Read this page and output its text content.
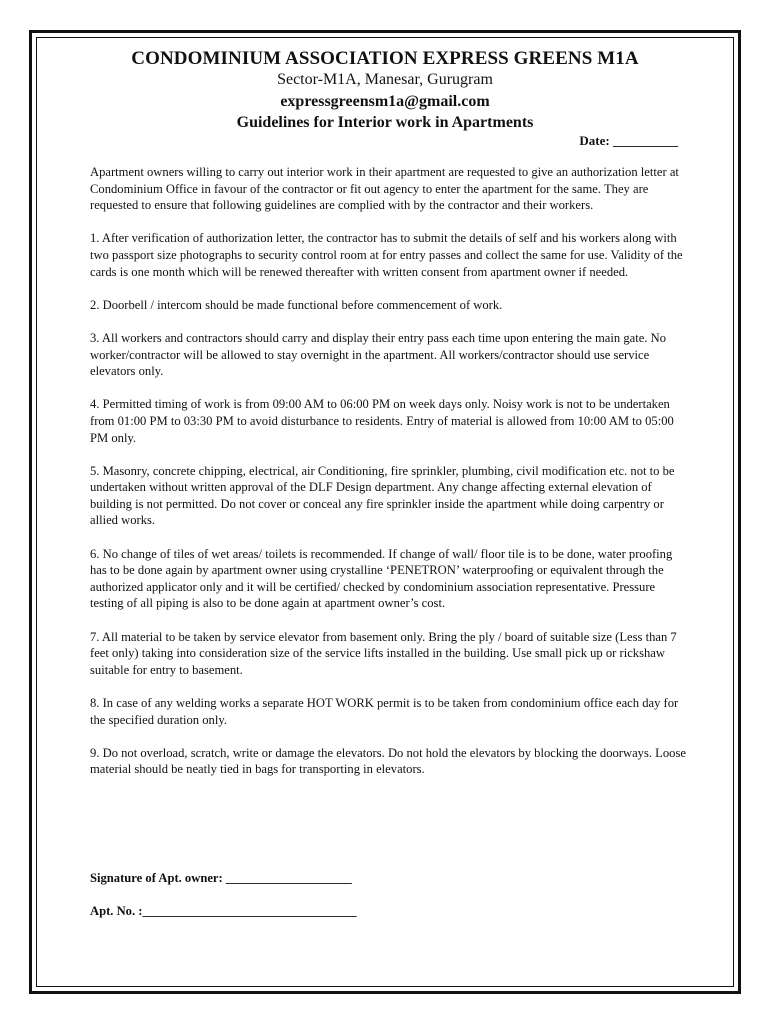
CONDOMINIUM ASSOCIATION EXPRESS GREENS M1A
Sector-M1A, Manesar, Gurugram
expressgreensm1a@gmail.com
Guidelines for Interior work in Apartments
Date: __________

Apartment owners willing to carry out interior work in their apartment are requested to give an authorization letter at Condominium Office in favour of the contractor or fit out agency to enter the apartment for the same. They are requested to ensure that following guidelines are complied with by the contractor and their workers.

1. After verification of authorization letter, the contractor has to submit the details of self and his workers along with two passport size photographs to security control room at for entry passes and collect the same for use. Validity of the cards is one month which will be renewed thereafter with written consent from apartment owner if needed.

2. Doorbell / intercom should be made functional before commencement of work.

3. All workers and contractors should carry and display their entry pass each time upon entering the main gate. No worker/contractor will be allowed to stay overnight in the apartment. All workers/contractor should use service elevators only.

4. Permitted timing of work is from 09:00 AM to 06:00 PM on week days only. Noisy work is not to be undertaken from 01:00 PM to 03:30 PM to avoid disturbance to residents. Entry of material is allowed from 10:00 AM to 05:00 PM only.

5. Masonry, concrete chipping, electrical, air Conditioning, fire sprinkler, plumbing, civil modification etc. not to be undertaken without written approval of the DLF Design department. Any change affecting external elevation of building is not permitted. Do not cover or conceal any fire sprinkler inside the apartment while doing carpentry or allied works.

6. No change of tiles of wet areas/ toilets is recommended. If change of wall/ floor tile is to be done, water proofing has to be done again by apartment owner using crystalline ‘PENETRON’ waterproofing or equivalent through the authorized applicator only and it will be certified/ checked by condominium association representative. Pressure testing of all piping is also to be done again at apartment owner’s cost.

7. All material to be taken by service elevator from basement only. Bring the ply / board of suitable size (Less than 7 feet only) taking into consideration size of the service lifts installed in the building. Use small pick up or rickshaw suitable for entry to basement.

8. In case of any welding works a separate HOT WORK permit is to be taken from condominium office each day for the specified duration only.

9. Do not overload, scratch, write or damage the elevators. Do not hold the elevators by blocking the doorways. Loose material should be neatly tied in bags for transporting in elevators.

Signature of Apt. owner: ____________________
Apt. No. :__________________________________
